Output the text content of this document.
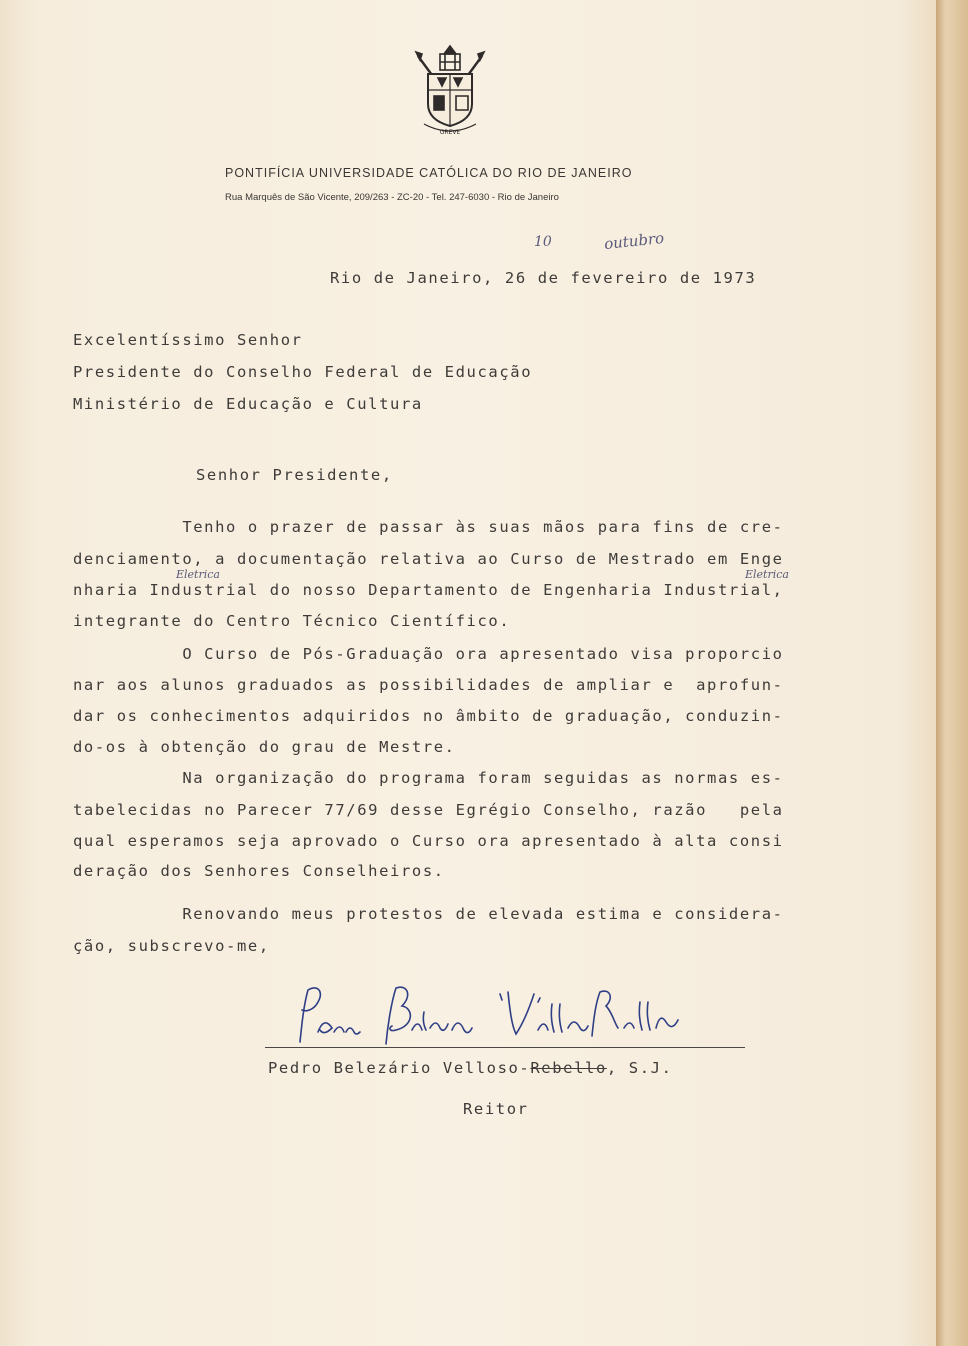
GREVE
PONTIFÍCIA UNIVERSIDADE CATÓLICA DO RIO DE JANEIRO
Rua Marquês de São Vicente, 209/263 - ZC-20 - Tel. 247-6030 - Rio de Janeiro
10	outubro
Rio de Janeiro, 26 de fevereiro de 1973
Excelentíssimo Senhor
Presidente do Conselho Federal de Educação
Ministério de Educação e Cultura
Senhor Presidente,
Tenho o prazer de passar às suas mãos para fins de cre-
denciamento, a documentação relativa ao Curso de Mestrado em Enge
Eletrica	Eletrica
nharia Industrial do nosso Departamento de Engenharia Industrial,
integrante do Centro Técnico Científico.
O Curso de Pós-Graduação ora apresentado visa proporcio
nar aos alunos graduados as possibilidades de ampliar e  aprofun-
dar os conhecimentos adquiridos no âmbito de graduação, conduzin-
do-os à obtenção do grau de Mestre.
Na organização do programa foram seguidas as normas es-
tabelecidas no Parecer 77/69 desse Egrégio Conselho, razão   pela
qual esperamos seja aprovado o Curso ora apresentado à alta consi
deração dos Senhores Conselheiros.
Renovando meus protestos de elevada estima e considera-
ção, subscrevo-me,
Pedro Belezário Velloso-Rebello, S.J.
Reitor
